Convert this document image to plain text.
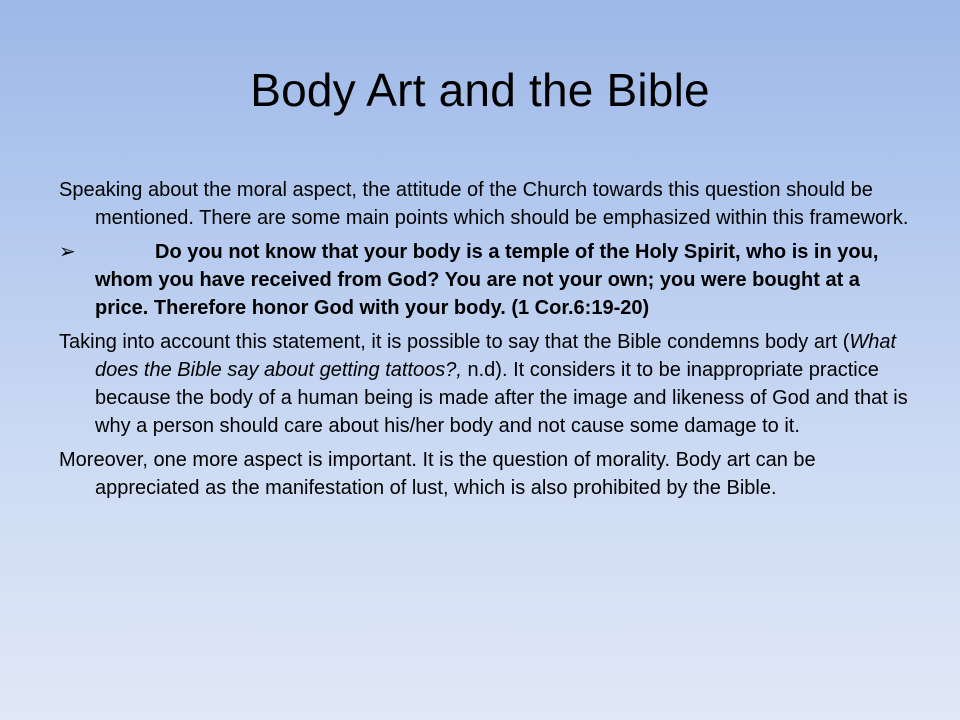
Body Art and the Bible

Speaking about the moral aspect, the attitude of the Church towards this question should be mentioned. There are some main points which should be emphasized within this framework.

➢	Do you not know that your body is a temple of the Holy Spirit, who is in you, whom you have received from God? You are not your own; you were bought at a price. Therefore honor God with your body. (1 Cor.6:19-20)

Taking into account this statement, it is possible to say that the Bible condemns body art (What does the Bible say about getting tattoos?, n.d). It considers it to be inappropriate practice because the body of a human being is made after the image and likeness of God and that is why a person should care about his/her body and not cause some damage to it.

Moreover, one more aspect is important. It is the question of morality. Body art can be appreciated as the manifestation of lust, which is also prohibited by the Bible.
